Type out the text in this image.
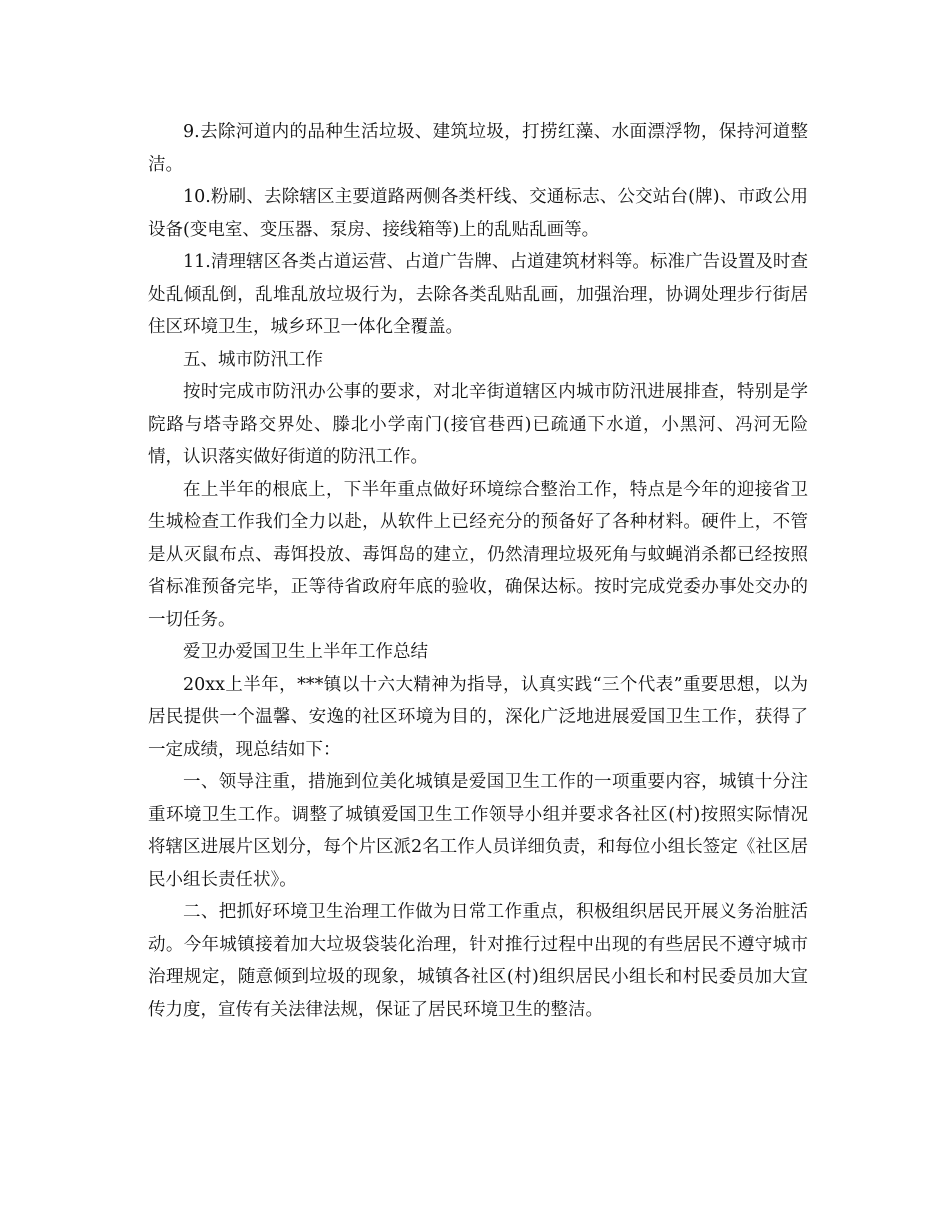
9.去除河道内的品种生活垃圾、建筑垃圾，打捞红藻、水面漂浮物，保持河道整洁。

10.粉刷、去除辖区主要道路两侧各类杆线、交通标志、公交站台(牌)、市政公用设备(变电室、变压器、泵房、接线箱等)上的乱贴乱画等。

11.清理辖区各类占道运营、占道广告牌、占道建筑材料等。标准广告设置及时查处乱倾乱倒，乱堆乱放垃圾行为，去除各类乱贴乱画，加强治理，协调处理步行街居住区环境卫生，城乡环卫一体化全覆盖。

五、城市防汛工作

按时完成市防汛办公事的要求，对北辛街道辖区内城市防汛进展排查，特别是学院路与塔寺路交界处、滕北小学南门(接官巷西)已疏通下水道，小黑河、冯河无险情，认识落实做好街道的防汛工作。

在上半年的根底上，下半年重点做好环境综合整治工作，特点是今年的迎接省卫生城检查工作我们全力以赴，从软件上已经充分的预备好了各种材料。硬件上，不管是从灭鼠布点、毒饵投放、毒饵岛的建立，仍然清理垃圾死角与蚊蝇消杀都已经按照省标准预备完毕，正等待省政府年底的验收，确保达标。按时完成党委办事处交办的一切任务。

爱卫办爱国卫生上半年工作总结

20xx上半年，***镇以十六大精神为指导，认真实践“三个代表”重要思想，以为居民提供一个温馨、安逸的社区环境为目的，深化广泛地进展爱国卫生工作，获得了一定成绩，现总结如下：

一、领导注重，措施到位美化城镇是爱国卫生工作的一项重要内容，城镇十分注重环境卫生工作。调整了城镇爱国卫生工作领导小组并要求各社区(村)按照实际情况将辖区进展片区划分，每个片区派2名工作人员详细负责，和每位小组长签定《社区居民小组长责任状》。

二、把抓好环境卫生治理工作做为日常工作重点，积极组织居民开展义务治脏活动。今年城镇接着加大垃圾袋装化治理，针对推行过程中出现的有些居民不遵守城市治理规定，随意倾到垃圾的现象，城镇各社区(村)组织居民小组长和村民委员加大宣传力度，宣传有关法律法规，保证了居民环境卫生的整洁。
